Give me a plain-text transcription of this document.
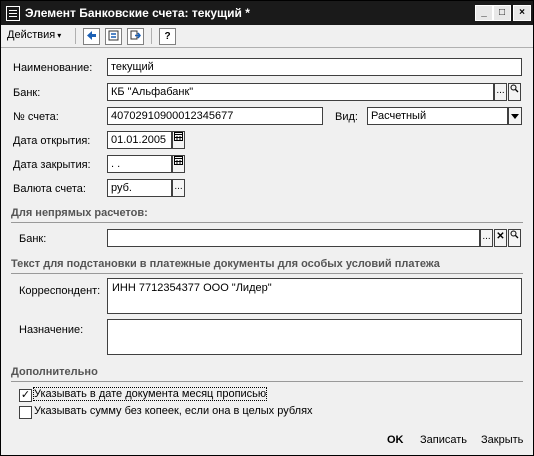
Элемент Банковские счета: текущий *	_	□	×
Действия ▾	?
Наименование:	текущий
Банк:	КБ "Альфабанк"	...
№ счета:	40702910900012345677	Вид:	Расчетный
Дата открытия:	01.01.2005
Дата закрытия:	. .
Валюта счета:	руб.	...
Для непрямых расчетов:
Банк:	... ✕
Текст для подстановки в платежные документы для особых условий платежа
Корреспондент:	ИНН 7712354377 ООО "Лидер"
Назначение:
Дополнительно
✓ Указывать в дате документа месяц прописью
Указывать сумму без копеек, если она в целых рублях
OK Записать Закрыть
